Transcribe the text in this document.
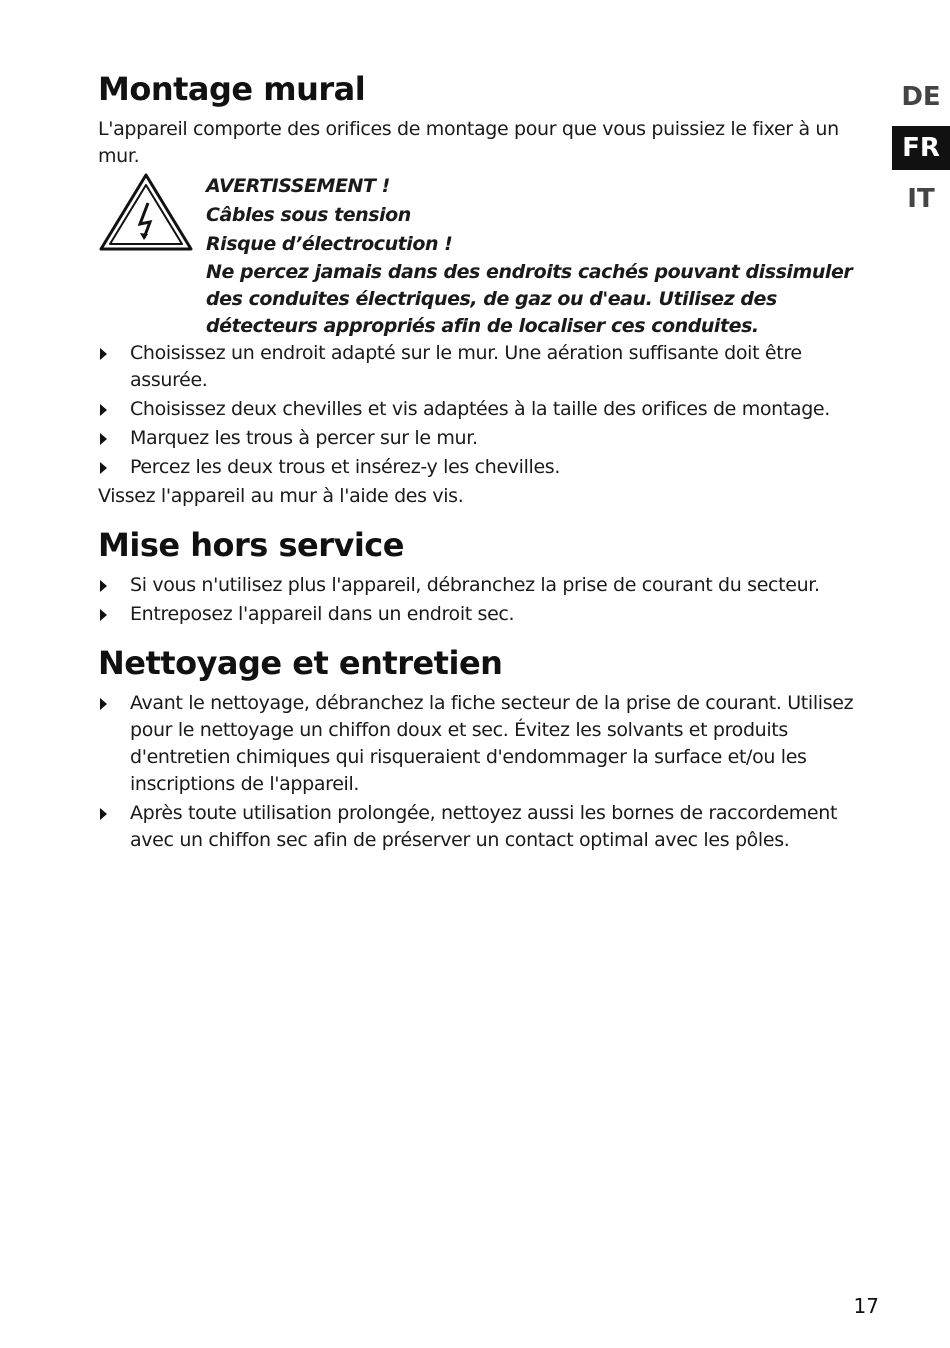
Montage mural

L'appareil comporte des orifices de montage pour que vous puissiez le fixer à un mur.

AVERTISSEMENT !
Câbles sous tension
Risque d’électrocution !
Ne percez jamais dans des endroits cachés pouvant dissimuler des conduites électriques, de gaz ou d'eau. Utilisez des détecteurs appropriés afin de localiser ces conduites.
Choisissez un endroit adapté sur le mur. Une aération suffisante doit être assurée.
Choisissez deux chevilles et vis adaptées à la taille des orifices de montage.
Marquez les trous à percer sur le mur.
Percez les deux trous et insérez-y les chevilles.

Vissez l'appareil au mur à l'aide des vis.

Mise hors service
Si vous n'utilisez plus l'appareil, débranchez la prise de courant du secteur.
Entreposez l'appareil dans un endroit sec.
Nettoyage et entretien
Avant le nettoyage, débranchez la fiche secteur de la prise de courant. Utilisez pour le nettoyage un chiffon doux et sec. Évitez les solvants et produits d'entretien chimiques qui risqueraient d'endommager la surface et/ou les inscriptions de l'appareil.
Après toute utilisation prolongée, nettoyez aussi les bornes de raccordement avec un chiffon sec afin de préserver un contact optimal avec les pôles.
DE
FR
IT
17
